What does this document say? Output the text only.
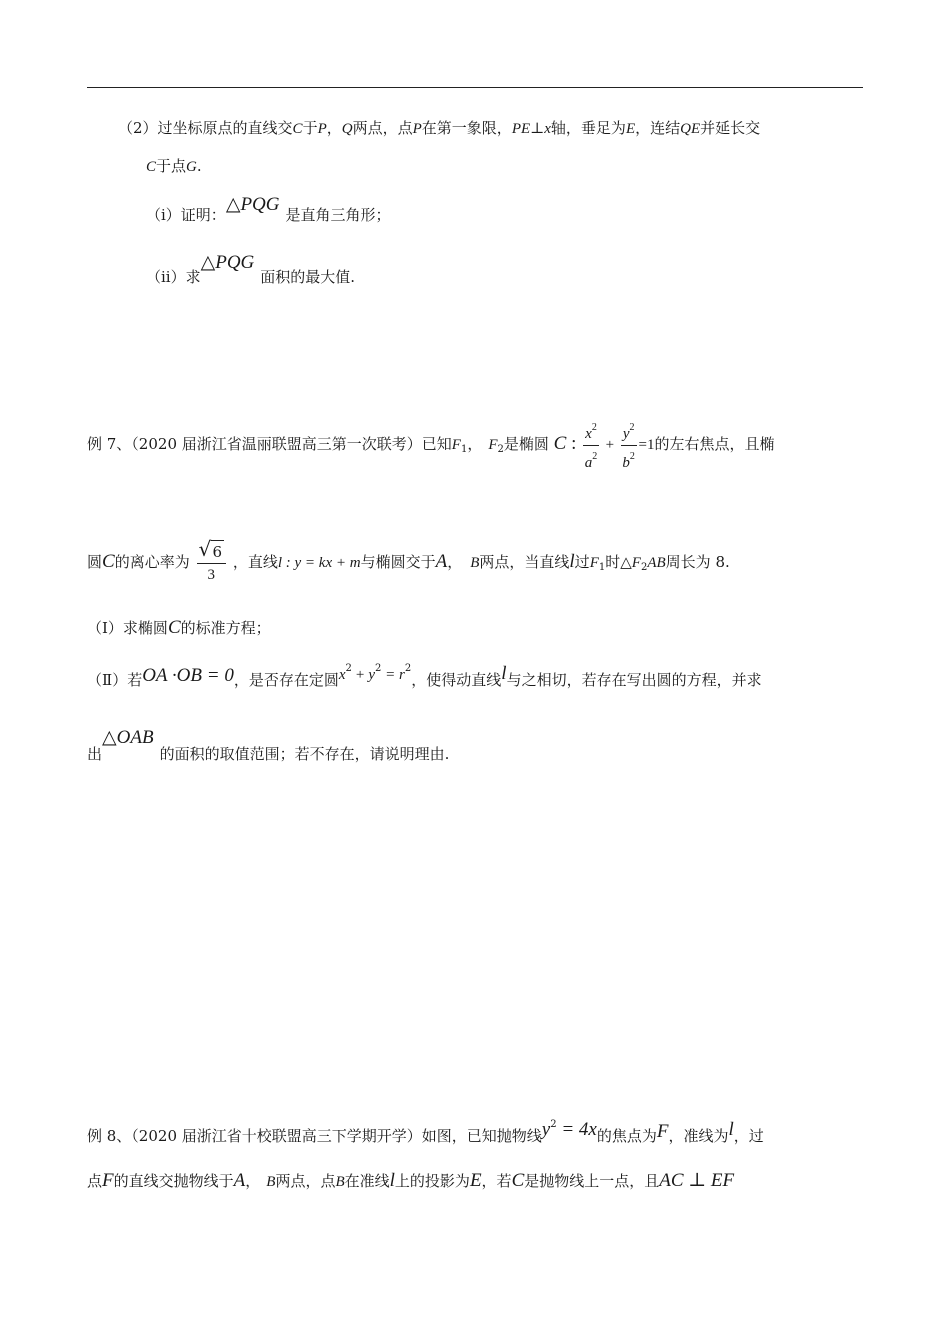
（2）过坐标原点的直线交C于P，Q两点，点P在第一象限，PE⊥x轴，垂足为E，连结QE并延长交
C于点G.
（i）证明：△PQG 是直角三角形；
（ii）求△PQG面积的最大值.
例 7、（2020 届浙江省温丽联盟高三第一次联考）已知$F_1$， $F_2$是椭圆 C : $\frac{x^2}{a^2} + \frac{y^2}{b^2} =1$的左右焦点，且椭
圆C的离心率为 $\frac{√ 6}{3}$ ，直线l : y = kx + m与椭圆交于A， B两点，当直线l过$F_1$时$\triangle F_2AB$周长为 8.
（Ⅰ）求椭圆C的标准方程；
（Ⅱ）若OA ·OB = 0，是否存在定圆$x^2 + y^2 = r^2$，使得动直线l与之相切，若存在写出圆的方程，并求
出△OAB的面积的取值范围；若不存在，请说明理由.
例 8、（2020 届浙江省十校联盟高三下学期开学）如图，已知抛物线$y^2 = 4x$的焦点为F，准线为l，过
点F的直线交抛物线于A， B两点，点B在准线l上的投影为E，若C是抛物线上一点，且AC ⊥ EF
